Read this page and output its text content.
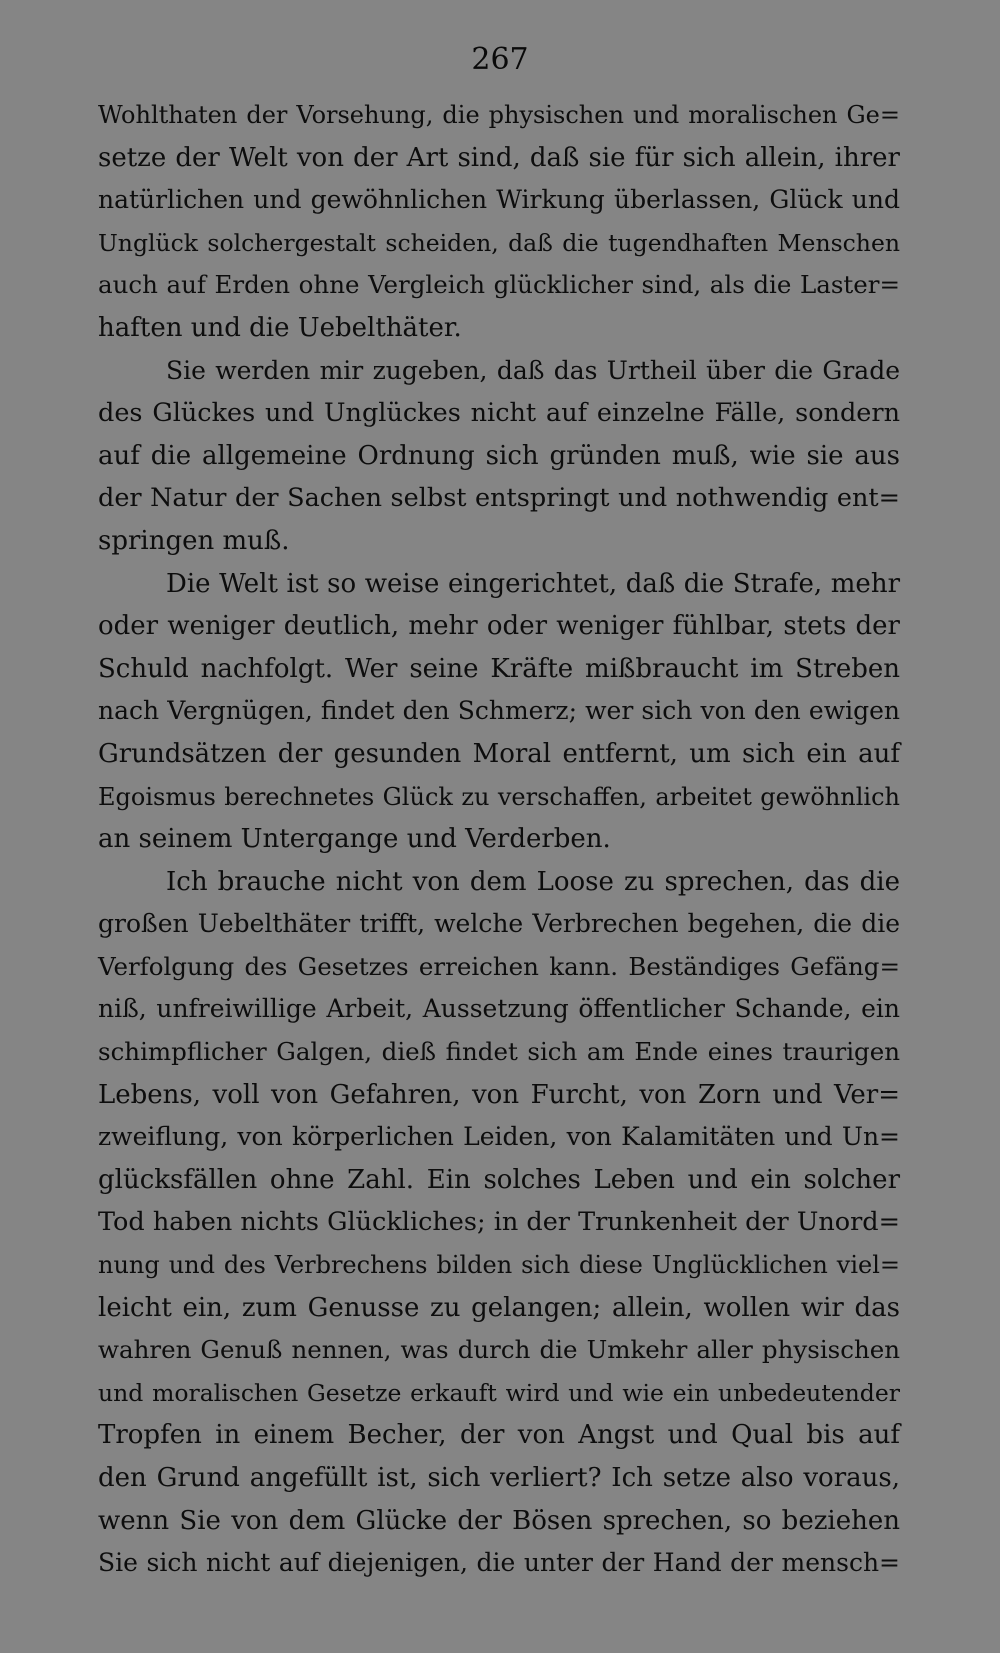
267
Wohlthaten der Vorsehung, die physischen und moralischen Ge=
setze der Welt von der Art sind, daß sie für sich allein, ihrer
natürlichen und gewöhnlichen Wirkung überlassen, Glück und
Unglück solchergestalt scheiden, daß die tugendhaften Menschen
auch auf Erden ohne Vergleich glücklicher sind, als die Laster=
haften und die Uebelthäter.
Sie werden mir zugeben, daß das Urtheil über die Grade
des Glückes und Unglückes nicht auf einzelne Fälle, sondern
auf die allgemeine Ordnung sich gründen muß, wie sie aus
der Natur der Sachen selbst entspringt und nothwendig ent=
springen muß.
Die Welt ist so weise eingerichtet, daß die Strafe, mehr
oder weniger deutlich, mehr oder weniger fühlbar, stets der
Schuld nachfolgt. Wer seine Kräfte mißbraucht im Streben
nach Vergnügen, findet den Schmerz; wer sich von den ewigen
Grundsätzen der gesunden Moral entfernt, um sich ein auf
Egoismus berechnetes Glück zu verschaffen, arbeitet gewöhnlich
an seinem Untergange und Verderben.
Ich brauche nicht von dem Loose zu sprechen, das die
großen Uebelthäter trifft, welche Verbrechen begehen, die die
Verfolgung des Gesetzes erreichen kann. Beständiges Gefäng=
niß, unfreiwillige Arbeit, Aussetzung öffentlicher Schande, ein
schimpflicher Galgen, dieß findet sich am Ende eines traurigen
Lebens, voll von Gefahren, von Furcht, von Zorn und Ver=
zweiflung, von körperlichen Leiden, von Kalamitäten und Un=
glücksfällen ohne Zahl. Ein solches Leben und ein solcher
Tod haben nichts Glückliches; in der Trunkenheit der Unord=
nung und des Verbrechens bilden sich diese Unglücklichen viel=
leicht ein, zum Genusse zu gelangen; allein, wollen wir das
wahren Genuß nennen, was durch die Umkehr aller physischen
und moralischen Gesetze erkauft wird und wie ein unbedeutender
Tropfen in einem Becher, der von Angst und Qual bis auf
den Grund angefüllt ist, sich verliert? Ich setze also voraus,
wenn Sie von dem Glücke der Bösen sprechen, so beziehen
Sie sich nicht auf diejenigen, die unter der Hand der mensch=
